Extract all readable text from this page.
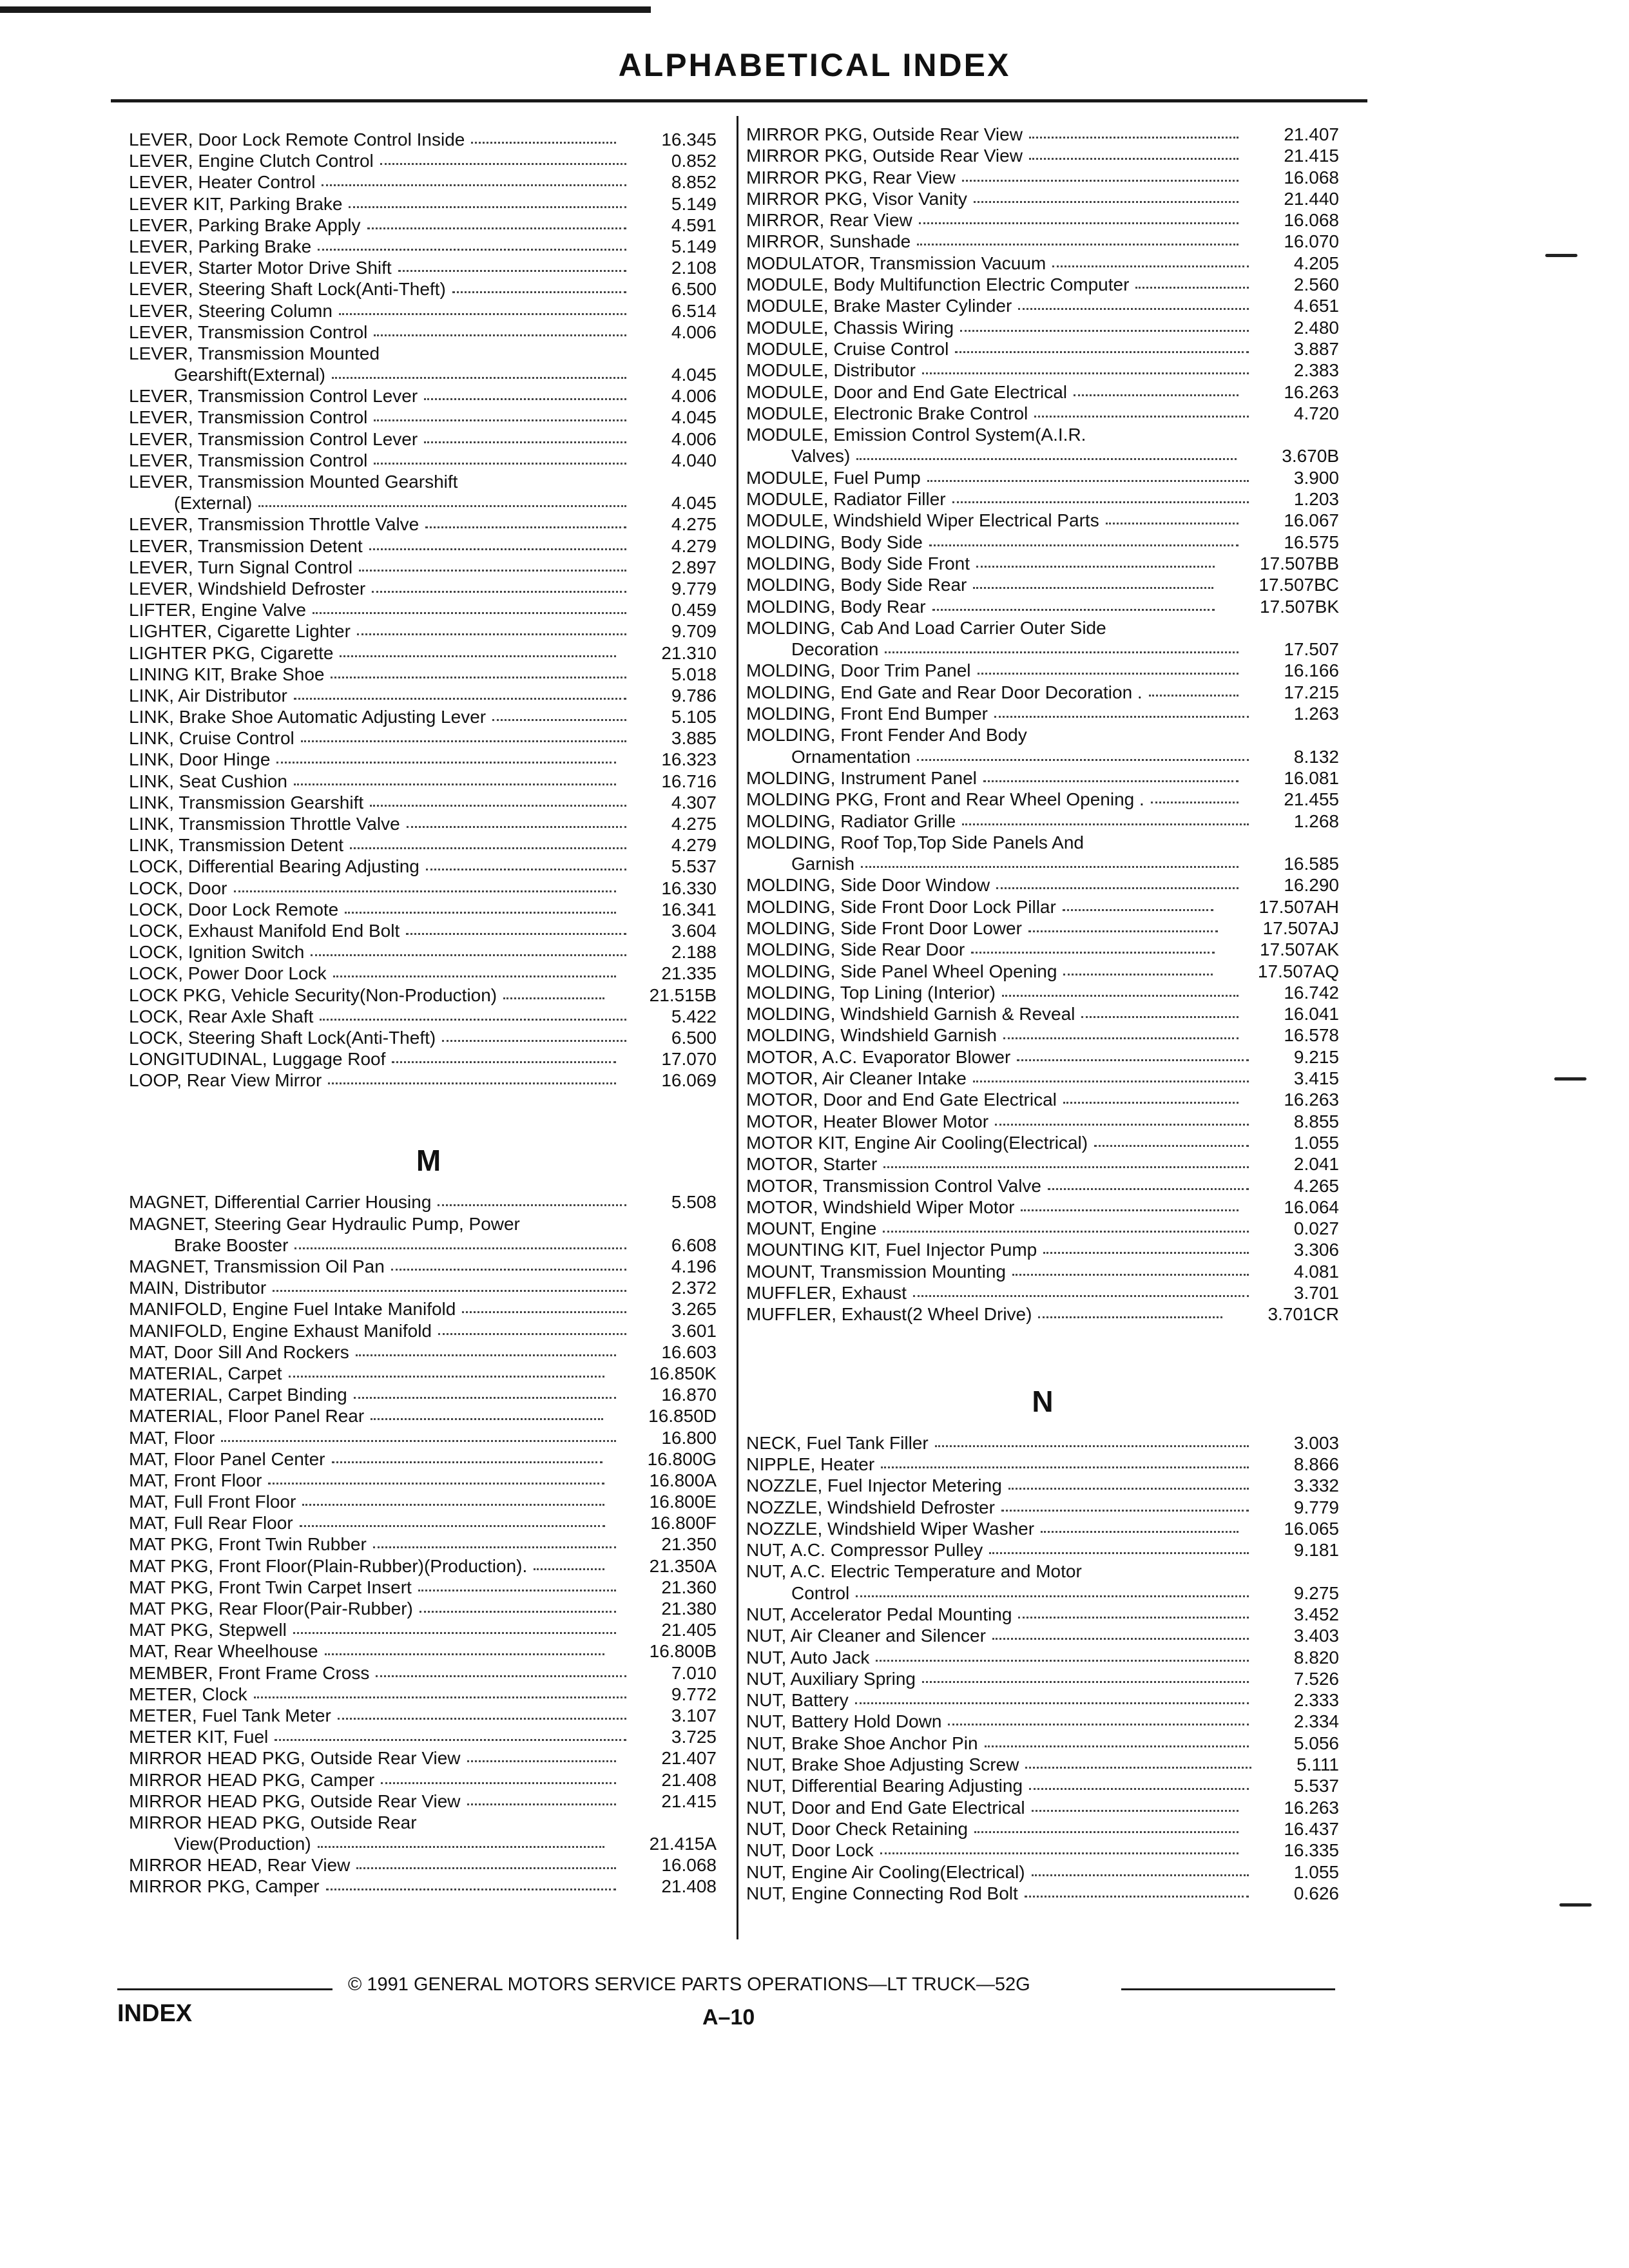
ALPHABETICAL INDEX
LEVER, Door Lock Remote Control Inside	16.345
LEVER, Engine Clutch Control	0.852
LEVER, Heater Control	8.852
LEVER KIT, Parking Brake	5.149
LEVER, Parking Brake Apply	4.591
LEVER, Parking Brake	5.149
LEVER, Starter Motor Drive Shift	2.108
LEVER, Steering Shaft Lock(Anti-Theft)	6.500
LEVER, Steering Column	6.514
LEVER, Transmission Control	4.006
LEVER, Transmission Mounted
Gearshift(External)	4.045
LEVER, Transmission Control Lever	4.006
LEVER, Transmission Control	4.045
LEVER, Transmission Control Lever	4.006
LEVER, Transmission Control	4.040
LEVER, Transmission Mounted Gearshift
(External)	4.045
LEVER, Transmission Throttle Valve	4.275
LEVER, Transmission Detent	4.279
LEVER, Turn Signal Control	2.897
LEVER, Windshield Defroster	9.779
LIFTER, Engine Valve	0.459
LIGHTER, Cigarette Lighter	9.709
LIGHTER PKG, Cigarette	21.310
LINING KIT, Brake Shoe	5.018
LINK, Air Distributor	9.786
LINK, Brake Shoe Automatic Adjusting Lever	5.105
LINK, Cruise Control	3.885
LINK, Door Hinge	16.323
LINK, Seat Cushion	16.716
LINK, Transmission Gearshift	4.307
LINK, Transmission Throttle Valve	4.275
LINK, Transmission Detent	4.279
LOCK, Differential Bearing Adjusting	5.537
LOCK, Door	16.330
LOCK, Door Lock Remote	16.341
LOCK, Exhaust Manifold End Bolt	3.604
LOCK, Ignition Switch	2.188
LOCK, Power Door Lock	21.335
LOCK PKG, Vehicle Security(Non-Production)	21.515B
LOCK, Rear Axle Shaft	5.422
LOCK, Steering Shaft Lock(Anti-Theft)	6.500
LONGITUDINAL, Luggage Roof	17.070
LOOP, Rear View Mirror	16.069
M
MAGNET, Differential Carrier Housing	5.508
MAGNET, Steering Gear Hydraulic Pump, Power
Brake Booster	6.608
MAGNET, Transmission Oil Pan	4.196
MAIN, Distributor	2.372
MANIFOLD, Engine Fuel Intake Manifold	3.265
MANIFOLD, Engine Exhaust Manifold	3.601
MAT, Door Sill And Rockers	16.603
MATERIAL, Carpet	16.850K
MATERIAL, Carpet Binding	16.870
MATERIAL, Floor Panel Rear	16.850D
MAT, Floor	16.800
MAT, Floor Panel Center	16.800G
MAT, Front Floor	16.800A
MAT, Full Front Floor	16.800E
MAT, Full Rear Floor	16.800F
MAT PKG, Front Twin Rubber	21.350
MAT PKG, Front Floor(Plain-Rubber)(Production).	21.350A
MAT PKG, Front Twin Carpet Insert	21.360
MAT PKG, Rear Floor(Pair-Rubber)	21.380
MAT PKG, Stepwell	21.405
MAT, Rear Wheelhouse	16.800B
MEMBER, Front Frame Cross	7.010
METER, Clock	9.772
METER, Fuel Tank Meter	3.107
METER KIT, Fuel	3.725
MIRROR HEAD PKG, Outside Rear View	21.407
MIRROR HEAD PKG, Camper	21.408
MIRROR HEAD PKG, Outside Rear View	21.415
MIRROR HEAD PKG, Outside Rear
View(Production)	21.415A
MIRROR HEAD, Rear View	16.068
MIRROR PKG, Camper	21.408
MIRROR PKG, Outside Rear View	21.407
MIRROR PKG, Outside Rear View	21.415
MIRROR PKG, Rear View	16.068
MIRROR PKG, Visor Vanity	21.440
MIRROR, Rear View	16.068
MIRROR, Sunshade	16.070
MODULATOR, Transmission Vacuum	4.205
MODULE, Body Multifunction Electric Computer	2.560
MODULE, Brake Master Cylinder	4.651
MODULE, Chassis Wiring	2.480
MODULE, Cruise Control	3.887
MODULE, Distributor	2.383
MODULE, Door and End Gate Electrical	16.263
MODULE, Electronic Brake Control	4.720
MODULE, Emission Control System(A.I.R.
Valves)	3.670B
MODULE, Fuel Pump	3.900
MODULE, Radiator Filler	1.203
MODULE, Windshield Wiper Electrical Parts	16.067
MOLDING, Body Side	16.575
MOLDING, Body Side Front	17.507BB
MOLDING, Body Side Rear	17.507BC
MOLDING, Body Rear	17.507BK
MOLDING, Cab And Load Carrier Outer Side
Decoration	17.507
MOLDING, Door Trim Panel	16.166
MOLDING, End Gate and Rear Door Decoration .	17.215
MOLDING, Front End Bumper	1.263
MOLDING, Front Fender And Body
Ornamentation	8.132
MOLDING, Instrument Panel	16.081
MOLDING PKG, Front and Rear Wheel Opening .	21.455
MOLDING, Radiator Grille	1.268
MOLDING, Roof Top,Top Side Panels And
Garnish	16.585
MOLDING, Side Door Window	16.290
MOLDING, Side Front Door Lock Pillar	17.507AH
MOLDING, Side Front Door Lower	17.507AJ
MOLDING, Side Rear Door	17.507AK
MOLDING, Side Panel Wheel Opening	17.507AQ
MOLDING, Top Lining (Interior)	16.742
MOLDING, Windshield Garnish & Reveal	16.041
MOLDING, Windshield Garnish	16.578
MOTOR, A.C. Evaporator Blower	9.215
MOTOR, Air Cleaner Intake	3.415
MOTOR, Door and End Gate Electrical	16.263
MOTOR, Heater Blower Motor	8.855
MOTOR KIT, Engine Air Cooling(Electrical)	1.055
MOTOR, Starter	2.041
MOTOR, Transmission Control Valve	4.265
MOTOR, Windshield Wiper Motor	16.064
MOUNT, Engine	0.027
MOUNTING KIT, Fuel Injector Pump	3.306
MOUNT, Transmission Mounting	4.081
MUFFLER, Exhaust	3.701
MUFFLER, Exhaust(2 Wheel Drive)	3.701CR
N
NECK, Fuel Tank Filler	3.003
NIPPLE, Heater	8.866
NOZZLE, Fuel Injector Metering	3.332
NOZZLE, Windshield Defroster	9.779
NOZZLE, Windshield Wiper Washer	16.065
NUT, A.C. Compressor Pulley	9.181
NUT, A.C. Electric Temperature and Motor
Control	9.275
NUT, Accelerator Pedal Mounting	3.452
NUT, Air Cleaner and Silencer	3.403
NUT, Auto Jack	8.820
NUT, Auxiliary Spring	7.526
NUT, Battery	2.333
NUT, Battery Hold Down	2.334
NUT, Brake Shoe Anchor Pin	5.056
NUT, Brake Shoe Adjusting Screw	5.111
NUT, Differential Bearing Adjusting	5.537
NUT, Door and End Gate Electrical	16.263
NUT, Door Check Retaining	16.437
NUT, Door Lock	16.335
NUT, Engine Air Cooling(Electrical)	1.055
NUT, Engine Connecting Rod Bolt	0.626
© 1991 GENERAL MOTORS SERVICE PARTS OPERATIONS—LT TRUCK—52G
INDEX	A–10
